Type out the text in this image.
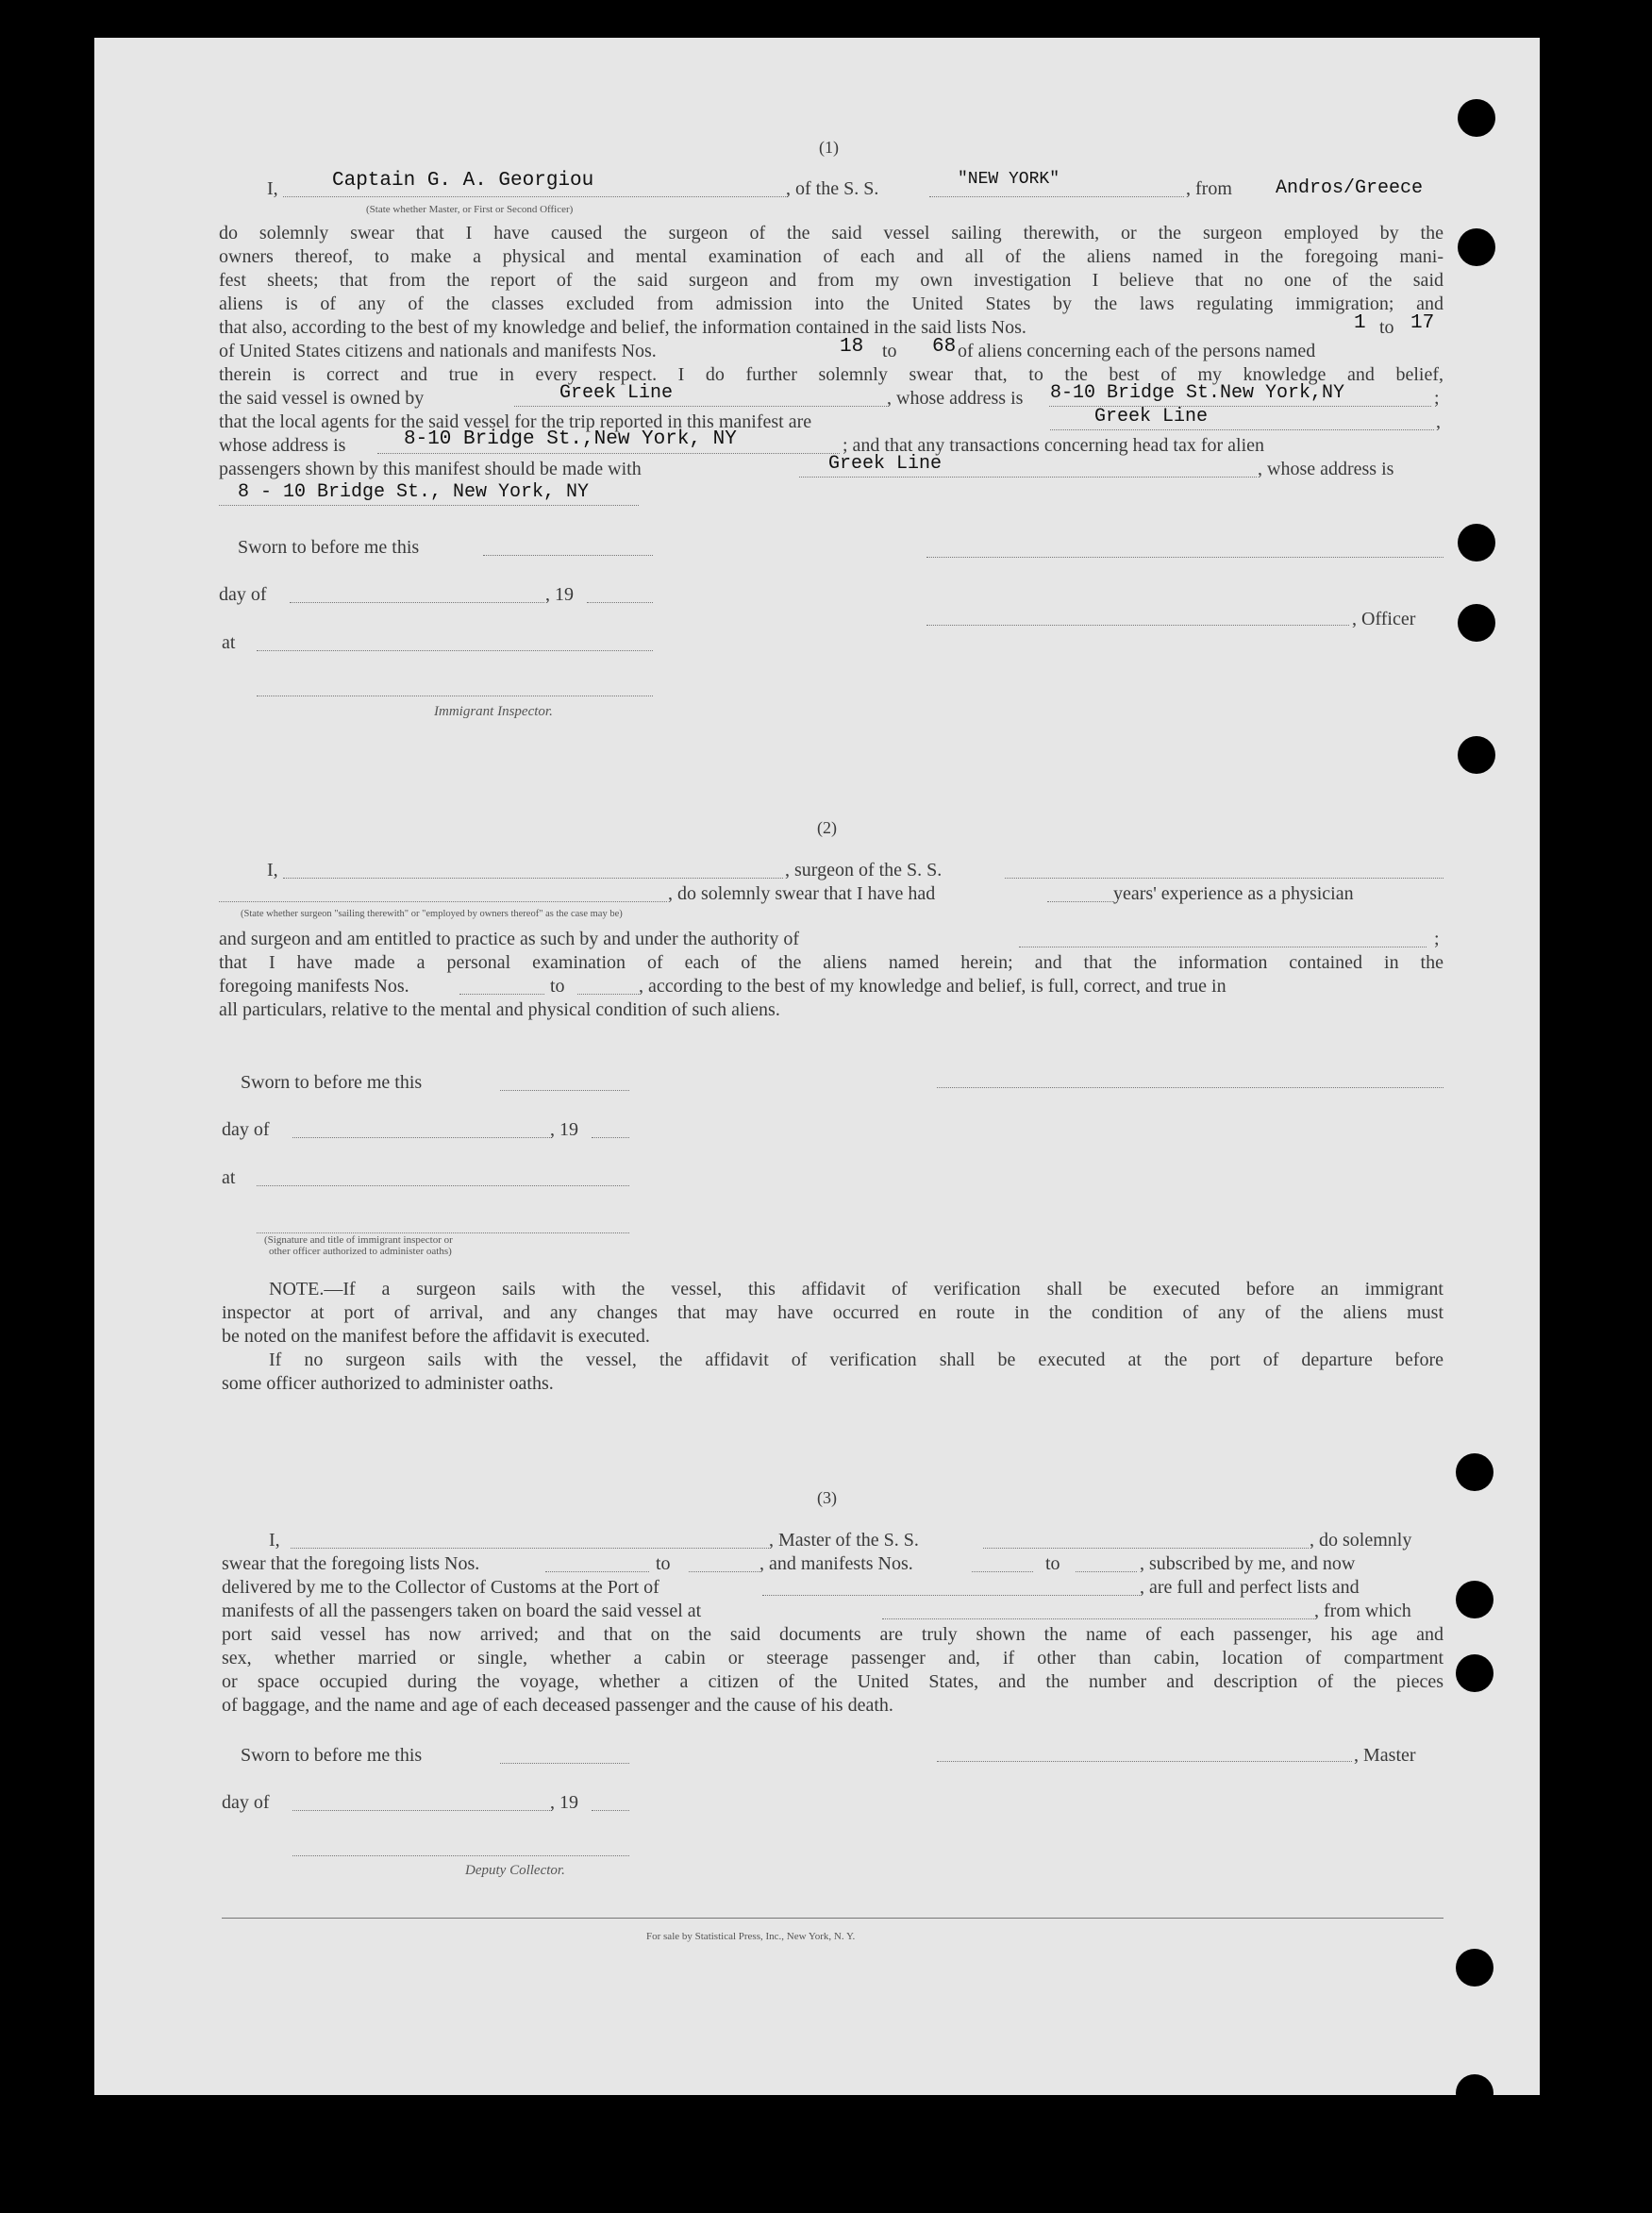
(1)
I,	Captain G. A. Georgiou	, of the S. S.	"NEW YORK"	, from Andros/Greece
(State whether Master, or First or Second Officer)
do solemnly swear that I have caused the surgeon of the said vessel sailing therewith, or the surgeon employed by the
owners thereof, to make a physical and mental examination of each and all of the aliens named in the foregoing mani-
fest sheets; that from the report of the said surgeon and from my own investigation I believe that no one of the said
aliens is of any of the classes excluded from admission into the United States by the laws regulating immigration; and
that also, according to the best of my knowledge and belief, the information contained in the said lists Nos.	1 to 17
of United States citizens and nationals and manifests Nos.	18 to 68 of aliens concerning each of the persons named
therein is correct and true in every respect. I do further solemnly swear that, to the best of my knowledge and belief,
the said vessel is owned by	Greek Line	, whose address is 8-10 Bridge St.New York,NY	;
that the local agents for the said vessel for the trip reported in this manifest are	Greek Line	,
whose address is	8-10 Bridge St.,New York, NY	; and that any transactions concerning head tax for alien
passengers shown by this manifest should be made with	Greek Line	, whose address is
8 - 10 Bridge St., New York, NY
Sworn to before me this
day of	, 19
, Officer
at
Immigrant Inspector.
(2)
I,	, surgeon of the S. S.
, do solemnly swear that I have had	years' experience as a physician
(State whether surgeon "sailing therewith" or "employed by owners thereof" as the case may be)
and surgeon and am entitled to practice as such by and under the authority of	;
that I have made a personal examination of each of the aliens named herein; and that the information contained in the
foregoing manifests Nos.	to	, according to the best of my knowledge and belief, is full, correct, and true in
all particulars, relative to the mental and physical condition of such aliens.
Sworn to before me this
day of	, 19
at
(Signature and title of immigrant inspector or
other officer authorized to administer oaths)
NOTE.—If a surgeon sails with the vessel, this affidavit of verification shall be executed before an immigrant
inspector at port of arrival, and any changes that may have occurred en route in the condition of any of the aliens must
be noted on the manifest before the affidavit is executed.
If no surgeon sails with the vessel, the affidavit of verification shall be executed at the port of departure before
some officer authorized to administer oaths.
(3)
I,	, Master of the S. S.	, do solemnly
swear that the foregoing lists Nos.	to	, and manifests Nos.	to	, subscribed by me, and now
delivered by me to the Collector of Customs at the Port of	, are full and perfect lists and
manifests of all the passengers taken on board the said vessel at	, from which
port said vessel has now arrived; and that on the said documents are truly shown the name of each passenger, his age and
sex, whether married or single, whether a cabin or steerage passenger and, if other than cabin, location of compartment
or space occupied during the voyage, whether a citizen of the United States, and the number and description of the pieces
of baggage, and the name and age of each deceased passenger and the cause of his death.
Sworn to before me this	, Master
day of	, 19
Deputy Collector.
For sale by Statistical Press, Inc., New York, N. Y.
